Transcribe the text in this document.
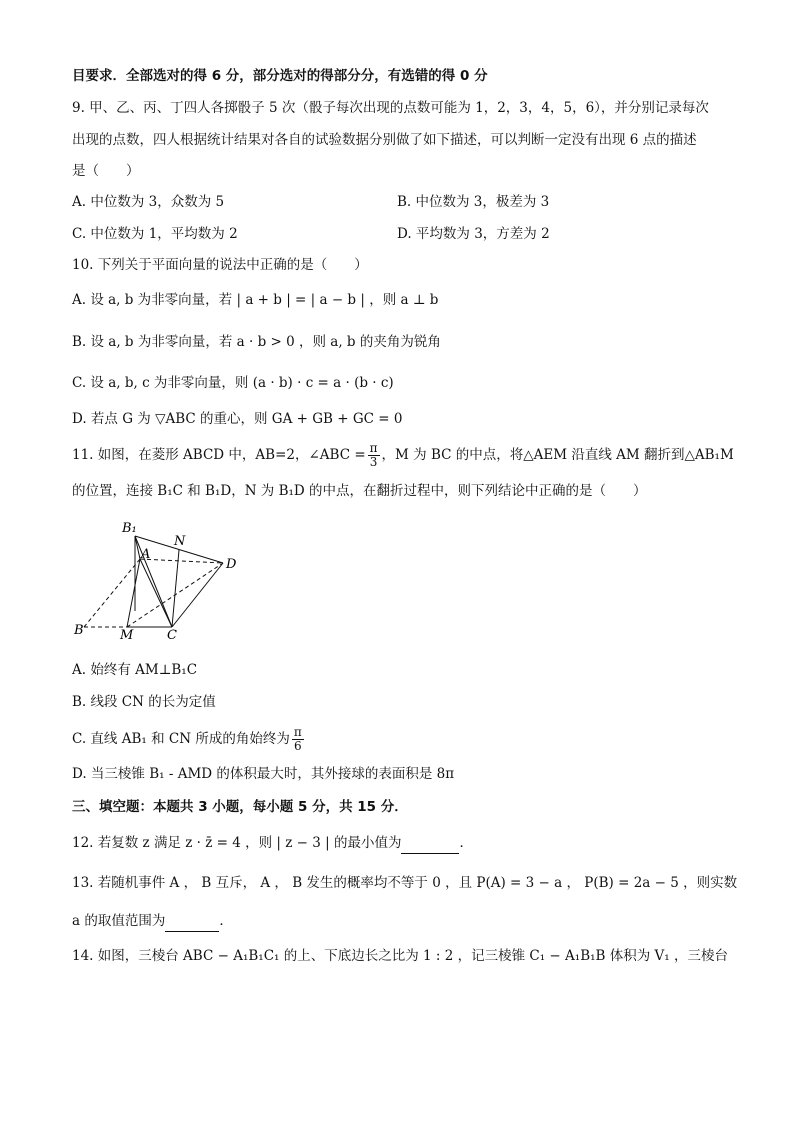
目要求．全部选对的得 6 分，部分选对的得部分分，有选错的得 0 分
9. 甲、乙、丙、丁四人各掷骰子 5 次（骰子每次出现的点数可能为 1，2，3，4，5，6），并分别记录每次
出现的点数，四人根据统计结果对各自的试验数据分别做了如下描述，可以判断一定没有出现 6 点的描述
是（　　）
A. 中位数为 3，众数为 5	B. 中位数为 3，极差为 3
C. 中位数为 1，平均数为 2	D. 平均数为 3，方差为 2
10. 下列关于平面向量的说法中正确的是（　　）
A. 设 a, b 为非零向量，若 | a + b | = | a − b | ，则 a ⊥ b
B. 设 a, b 为非零向量，若 a · b > 0 ，则 a, b 的夹角为锐角
C. 设 a, b, c 为非零向量，则 (a · b) · c = a · (b · c)
D. 若点 G 为 ▽ABC 的重心，则 GA + GB + GC = 0
11. 如图，在菱形 ABCD 中，AB=2，∠ABC = $\frac{\pi}{3}$ ，M 为 BC 的中点，将△AEM 沿直线 AM 翻折到△AB₁M
的位置，连接 B₁C 和 B₁D，N 为 B₁D 的中点，在翻折过程中，则下列结论中正确的是（　　）
B₁
A
N
D
B	M	C
A. 始终有 AM⊥B₁C
B. 线段 CN 的长为定值
C. 直线 AB₁ 和 CN 所成的角始终为 $\frac{\pi}{6}$
D. 当三棱锥 B₁ - AMD 的体积最大时，其外接球的表面积是 8π
三、填空题：本题共 3 小题，每小题 5 分，共 15 分．
12. 若复数 z 满足 z · z̄ = 4 ，则 | z − 3 | 的最小值为	．
13. 若随机事件 A ， B 互斥， A ， B 发生的概率均不等于 0 ，且 P(A) = 3 − a ， P(B) = 2a − 5 ，则实数
a 的取值范围为	．
14. 如图，三棱台 ABC − A₁B₁C₁ 的上、下底边长之比为 1 : 2 ，记三棱锥 C₁ − A₁B₁B 体积为 V₁ ，三棱台
